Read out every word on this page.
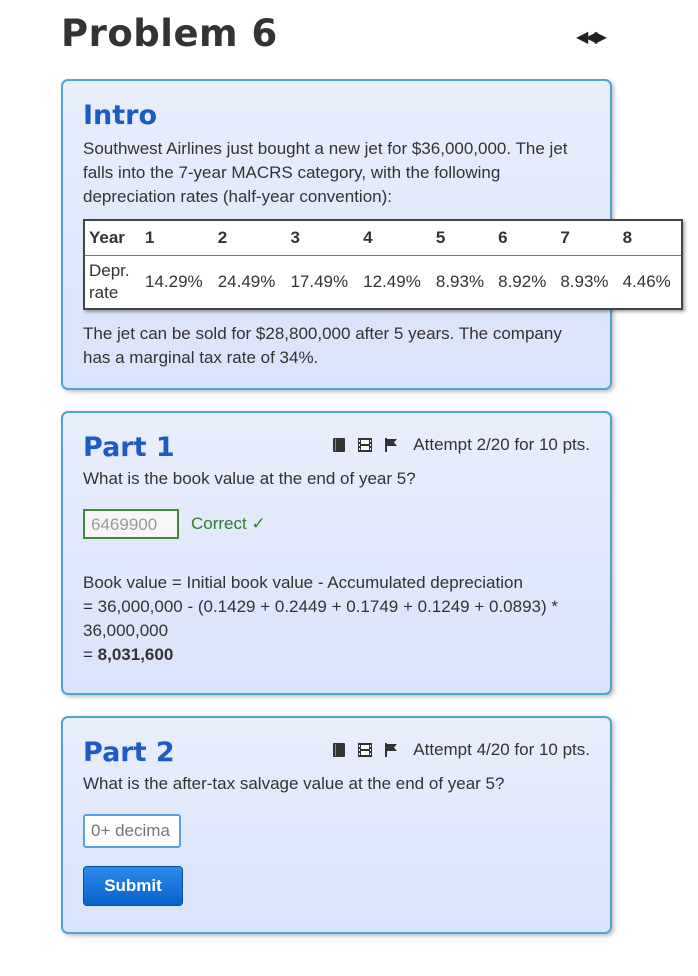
Problem 6	◀◀▶
Intro

Southwest Airlines just bought a new jet for $36,000,000. The jet falls into the 7-year MACRS category, with the following depreciation rates (half-year convention):

Year	1	2	3	4	5	6	7	8
Depr. rate	14.29%	24.49%	17.49%	12.49%	8.93%	8.92%	8.93%	4.46%

The jet can be sold for $28,800,000 after 5 years. The company has a marginal tax rate of 34%.

Part 1	Attempt 2/20 for 10 pts.

What is the book value at the end of year 5?

6469900	Correct ✓

Book value = Initial book value - Accumulated depreciation

= 36,000,000 - (0.1429 + 0.2449 + 0.1749 + 0.1249 + 0.0893) * 36,000,000

= 8,031,600

Part 2	Attempt 4/20 for 10 pts.

What is the after-tax salvage value at the end of year 5?

0+ decima
Submit
